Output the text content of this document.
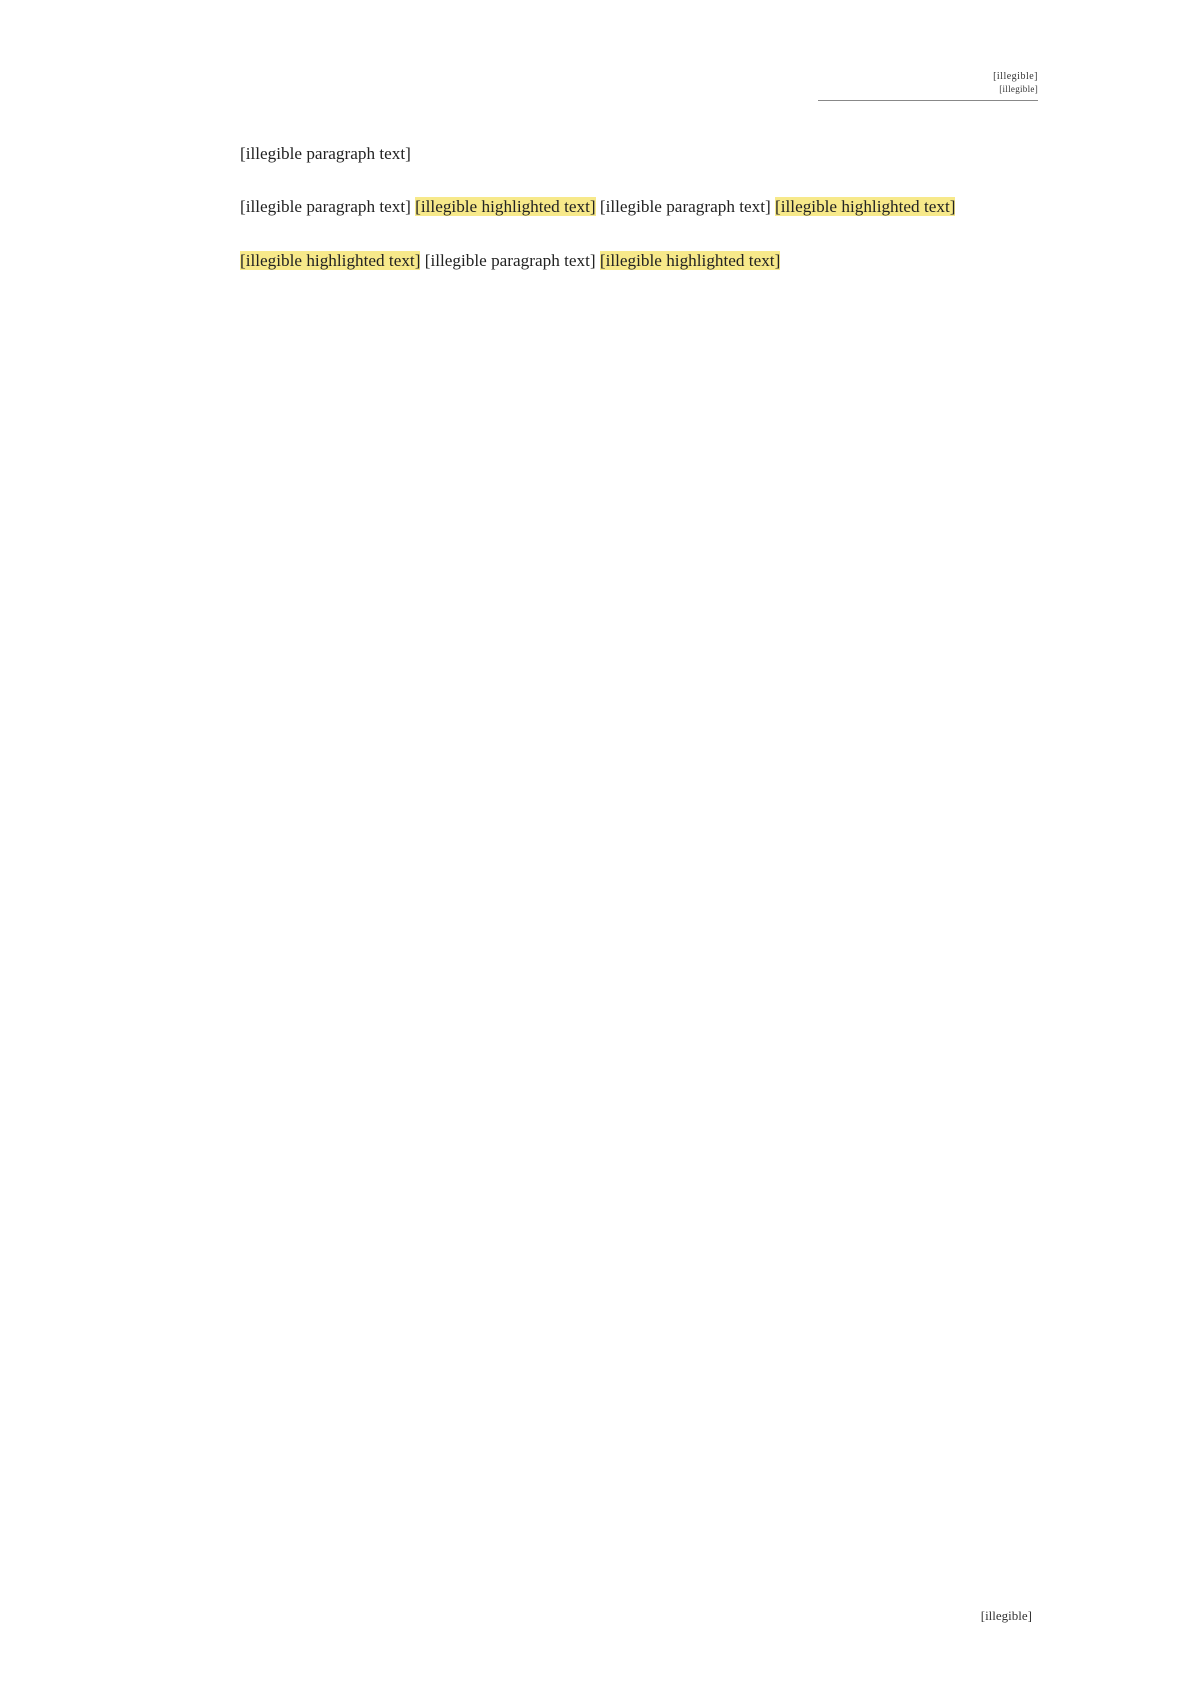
[illegible]
[illegible]

[illegible paragraph text]

[illegible paragraph text] [illegible highlighted text] [illegible paragraph text] [illegible highlighted text]

[illegible highlighted text] [illegible paragraph text] [illegible highlighted text]

[illegible]
